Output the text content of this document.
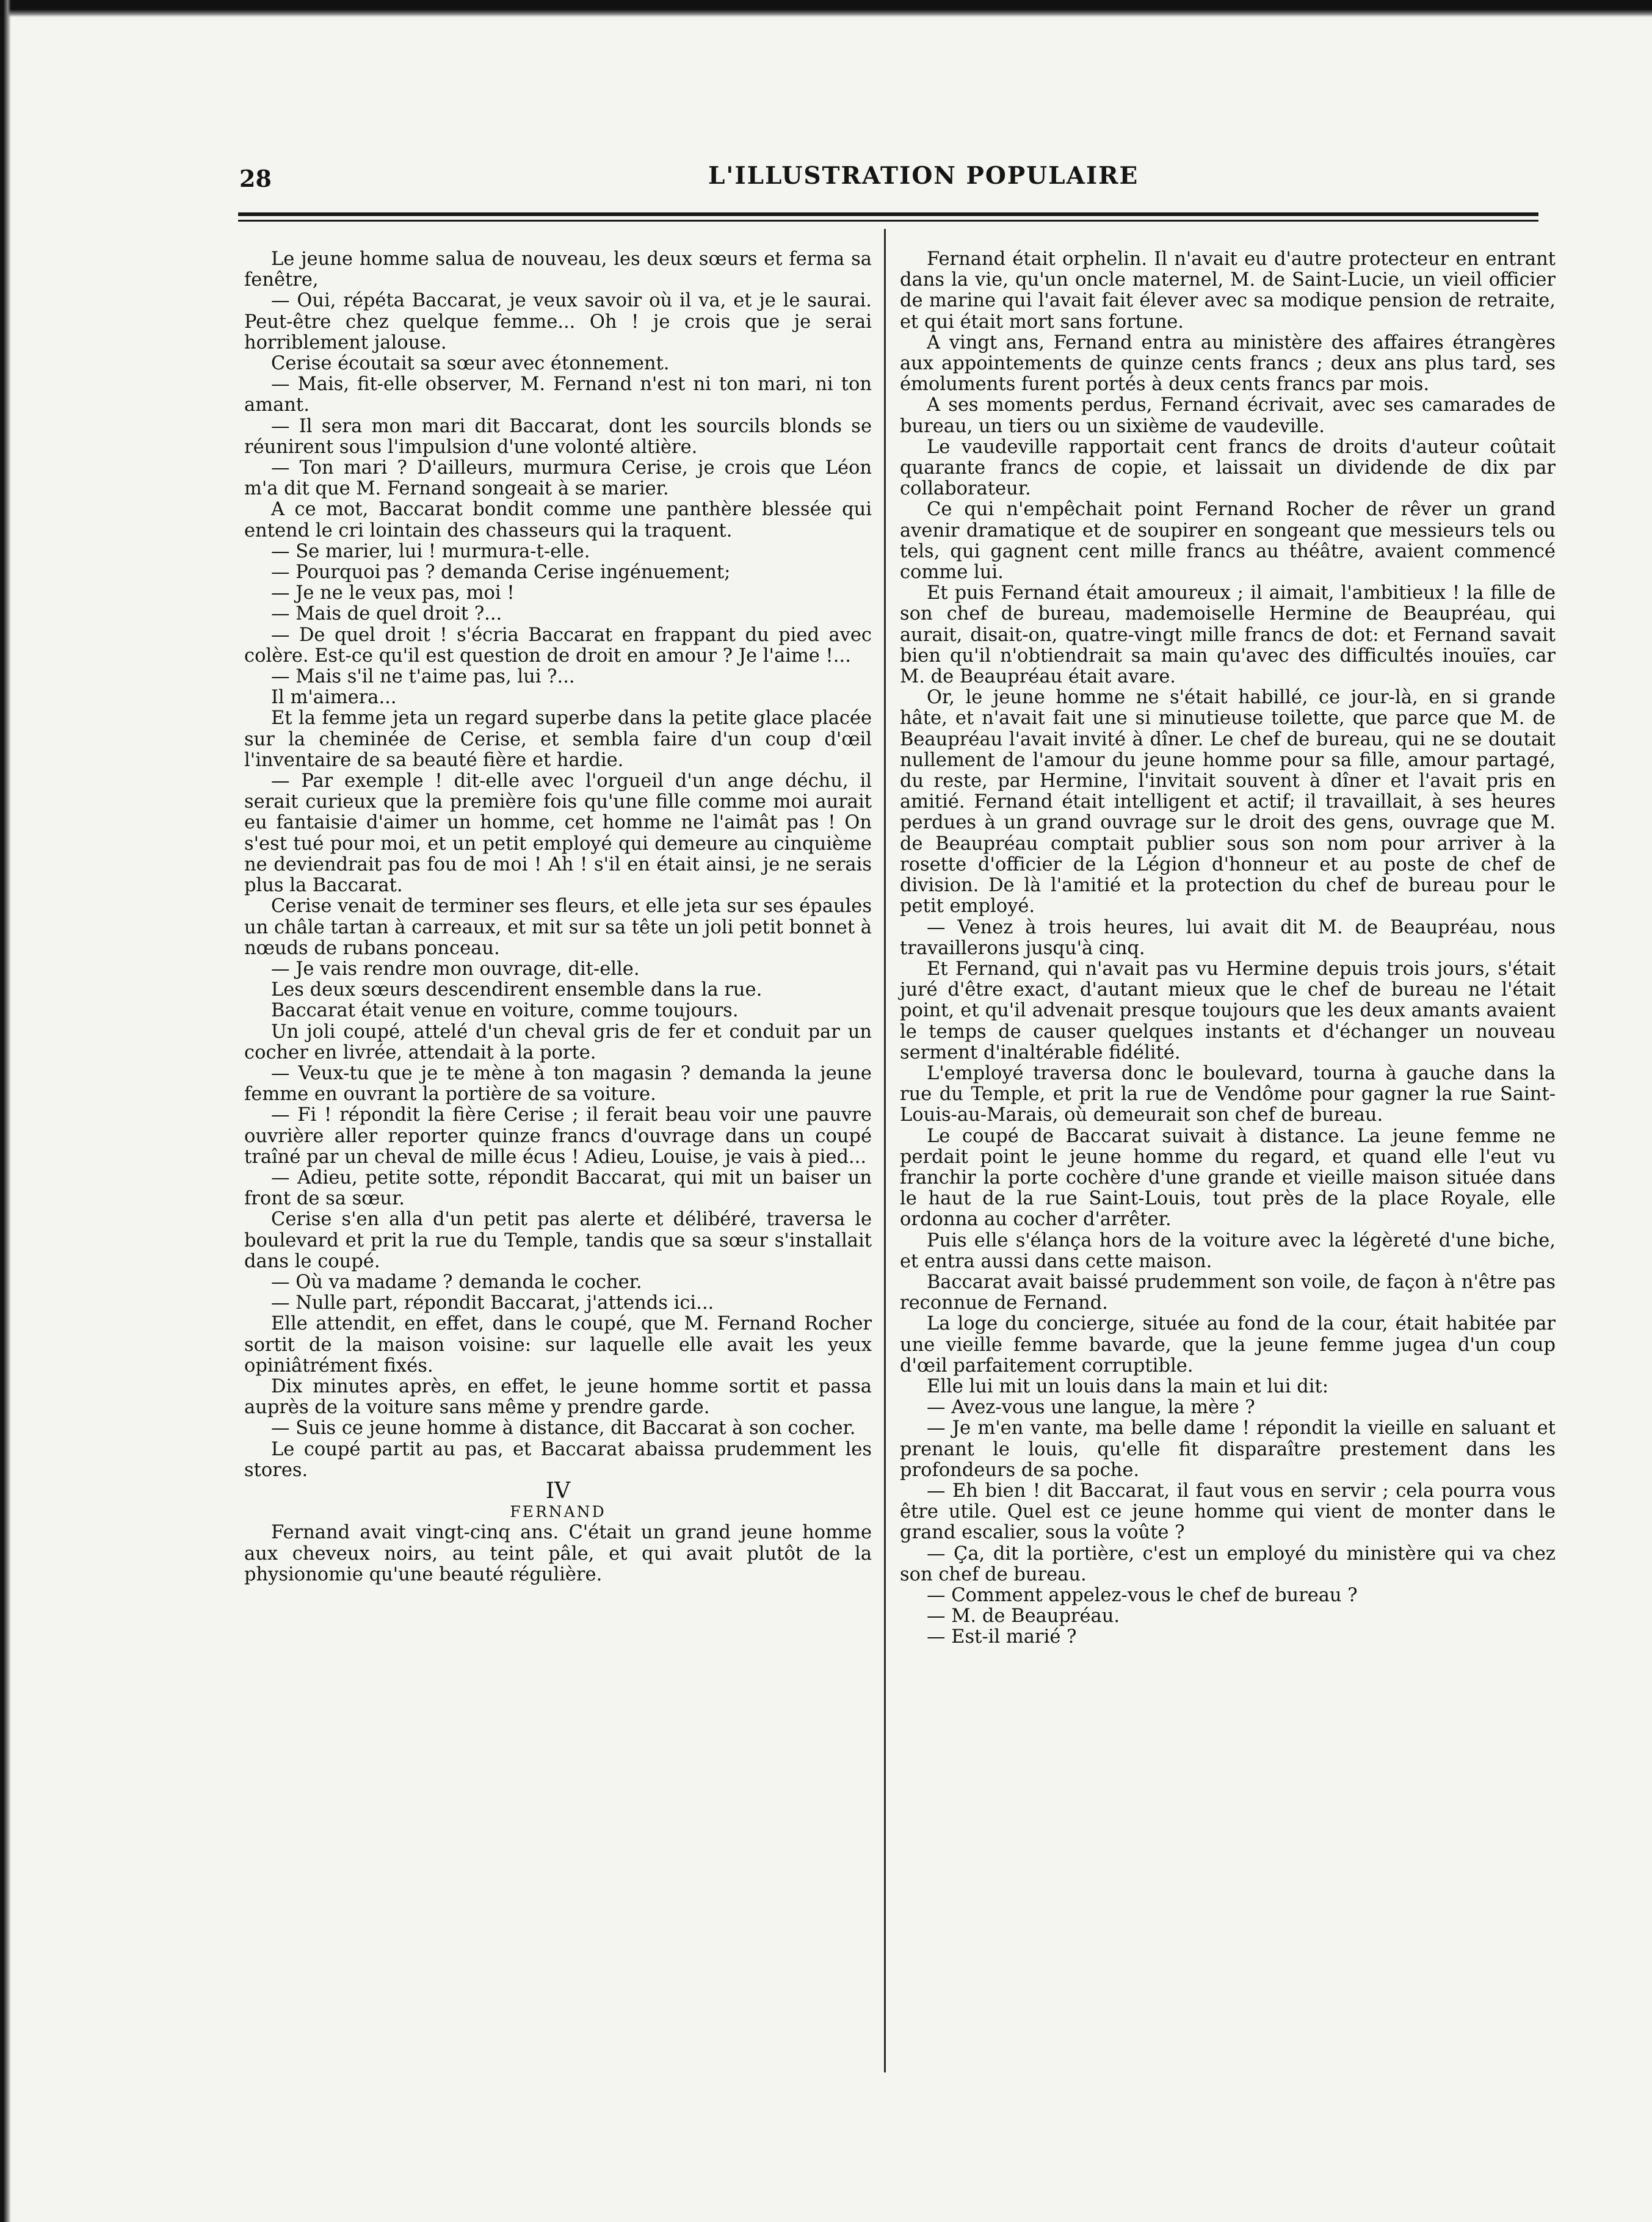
28	L'ILLUSTRATION POPULAIRE

Le jeune homme salua de nouveau, les deux sœurs et ferma sa fenêtre,

— Oui, répéta Baccarat, je veux savoir où il va, et je le saurai. Peut-être chez quelque femme... Oh ! je crois que je serai horriblement jalouse.

Cerise écoutait sa sœur avec étonnement.

— Mais, fit-elle observer, M. Fernand n'est ni ton mari, ni ton amant.

— Il sera mon mari dit Baccarat, dont les sourcils blonds se réunirent sous l'impulsion d'une volonté altière.

— Ton mari ? D'ailleurs, murmura Cerise, je crois que Léon m'a dit que M. Fernand songeait à se marier.

A ce mot, Baccarat bondit comme une panthère blessée qui entend le cri lointain des chasseurs qui la traquent.

— Se marier, lui ! murmura-t-elle.

— Pourquoi pas ? demanda Cerise ingénuement;

— Je ne le veux pas, moi !

— Mais de quel droit ?...

— De quel droit ! s'écria Baccarat en frappant du pied avec colère. Est-ce qu'il est question de droit en amour ? Je l'aime !...

— Mais s'il ne t'aime pas, lui ?...

Il m'aimera...

Et la femme jeta un regard superbe dans la petite glace placée sur la cheminée de Cerise, et sembla faire d'un coup d'œil l'inventaire de sa beauté fière et hardie.

— Par exemple ! dit-elle avec l'orgueil d'un ange déchu, il serait curieux que la première fois qu'une fille comme moi aurait eu fantaisie d'aimer un homme, cet homme ne l'aimât pas ! On s'est tué pour moi, et un petit employé qui demeure au cinquième ne deviendrait pas fou de moi ! Ah ! s'il en était ainsi, je ne serais plus la Baccarat.

Cerise venait de terminer ses fleurs, et elle jeta sur ses épaules un châle tartan à carreaux, et mit sur sa tête un joli petit bonnet à nœuds de rubans ponceau.

— Je vais rendre mon ouvrage, dit-elle.

Les deux sœurs descendirent ensemble dans la rue.

Baccarat était venue en voiture, comme toujours.

Un joli coupé, attelé d'un cheval gris de fer et conduit par un cocher en livrée, attendait à la porte.

— Veux-tu que je te mène à ton magasin ? demanda la jeune femme en ouvrant la portière de sa voiture.

— Fi ! répondit la fière Cerise ; il ferait beau voir une pauvre ouvrière aller reporter quinze francs d'ouvrage dans un coupé traîné par un cheval de mille écus ! Adieu, Louise, je vais à pied...

— Adieu, petite sotte, répondit Baccarat, qui mit un baiser un front de sa sœur.

Cerise s'en alla d'un petit pas alerte et délibéré, traversa le boulevard et prit la rue du Temple, tandis que sa sœur s'installait dans le coupé.

— Où va madame ? demanda le cocher.

— Nulle part, répondit Baccarat, j'attends ici...

Elle attendit, en effet, dans le coupé, que M. Fernand Rocher sortit de la maison voisine: sur laquelle elle avait les yeux opiniâtrément fixés.

Dix minutes après, en effet, le jeune homme sortit et passa auprès de la voiture sans même y prendre garde.

— Suis ce jeune homme à distance, dit Baccarat à son cocher.

Le coupé partit au pas, et Baccarat abaissa prudemment les stores.

IV

FERNAND

Fernand avait vingt-cinq ans. C'était un grand jeune homme aux cheveux noirs, au teint pâle, et qui avait plutôt de la physionomie qu'une beauté régulière.

Fernand était orphelin. Il n'avait eu d'autre protecteur en entrant dans la vie, qu'un oncle maternel, M. de Saint-Lucie, un vieil officier de marine qui l'avait fait élever avec sa modique pension de retraite, et qui était mort sans fortune.

A vingt ans, Fernand entra au ministère des affaires étrangères aux appointements de quinze cents francs ; deux ans plus tard, ses émoluments furent portés à deux cents francs par mois.

A ses moments perdus, Fernand écrivait, avec ses camarades de bureau, un tiers ou un sixième de vaudeville.

Le vaudeville rapportait cent francs de droits d'auteur coûtait quarante francs de copie, et laissait un dividende de dix par collaborateur.

Ce qui n'empêchait point Fernand Rocher de rêver un grand avenir dramatique et de soupirer en songeant que messieurs tels ou tels, qui gagnent cent mille francs au théâtre, avaient commencé comme lui.

Et puis Fernand était amoureux ; il aimait, l'ambitieux ! la fille de son chef de bureau, mademoiselle Hermine de Beaupréau, qui aurait, disait-on, quatre-vingt mille francs de dot: et Fernand savait bien qu'il n'obtiendrait sa main qu'avec des difficultés inouïes, car M. de Beaupréau était avare.

Or, le jeune homme ne s'était habillé, ce jour-là, en si grande hâte, et n'avait fait une si minutieuse toilette, que parce que M. de Beaupréau l'avait invité à dîner. Le chef de bureau, qui ne se doutait nullement de l'amour du jeune homme pour sa fille, amour partagé, du reste, par Hermine, l'invitait souvent à dîner et l'avait pris en amitié. Fernand était intelligent et actif; il travaillait, à ses heures perdues à un grand ouvrage sur le droit des gens, ouvrage que M. de Beaupréau comptait publier sous son nom pour arriver à la rosette d'officier de la Légion d'honneur et au poste de chef de division. De là l'amitié et la protection du chef de bureau pour le petit employé.

— Venez à trois heures, lui avait dit M. de Beaupréau, nous travaillerons jusqu'à cinq.

Et Fernand, qui n'avait pas vu Hermine depuis trois jours, s'était juré d'être exact, d'autant mieux que le chef de bureau ne l'était point, et qu'il advenait presque toujours que les deux amants avaient le temps de causer quelques instants et d'échanger un nouveau serment d'inaltérable fidélité.

L'employé traversa donc le boulevard, tourna à gauche dans la rue du Temple, et prit la rue de Vendôme pour gagner la rue Saint-Louis-au-Marais, où demeurait son chef de bureau.

Le coupé de Baccarat suivait à distance. La jeune femme ne perdait point le jeune homme du regard, et quand elle l'eut vu franchir la porte cochère d'une grande et vieille maison située dans le haut de la rue Saint-Louis, tout près de la place Royale, elle ordonna au cocher d'arrêter.

Puis elle s'élança hors de la voiture avec la légèreté d'une biche, et entra aussi dans cette maison.

Baccarat avait baissé prudemment son voile, de façon à n'être pas reconnue de Fernand.

La loge du concierge, située au fond de la cour, était habitée par une vieille femme bavarde, que la jeune femme jugea d'un coup d'œil parfaitement corruptible.

Elle lui mit un louis dans la main et lui dit:

— Avez-vous une langue, la mère ?

— Je m'en vante, ma belle dame ! répondit la vieille en saluant et prenant le louis, qu'elle fit disparaître prestement dans les profondeurs de sa poche.

— Eh bien ! dit Baccarat, il faut vous en servir ; cela pourra vous être utile. Quel est ce jeune homme qui vient de monter dans le grand escalier, sous la voûte ?

— Ça, dit la portière, c'est un employé du ministère qui va chez son chef de bureau.

— Comment appelez-vous le chef de bureau ?

— M. de Beaupréau.

— Est-il marié ?
